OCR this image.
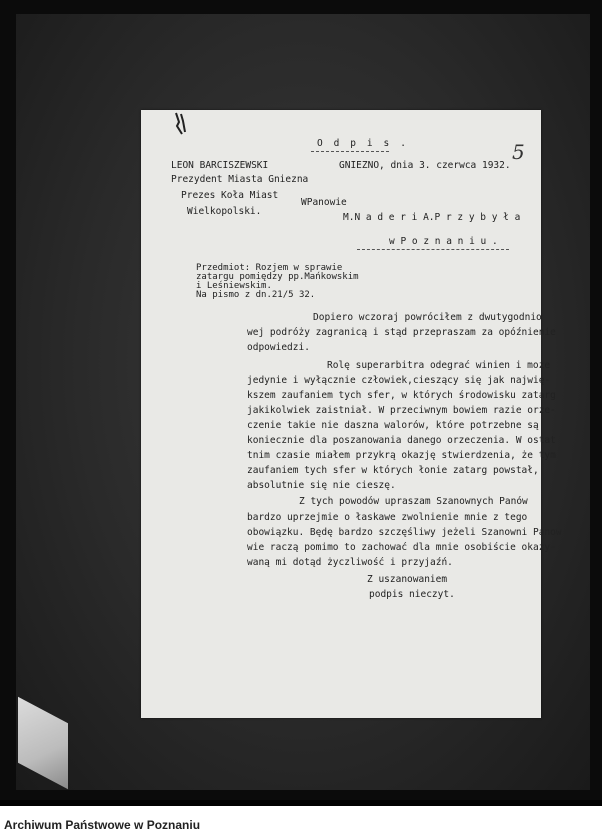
O d p i s .	5

LEON BARCISZEWSKI	GNIEZNO, dnia 3. czerwca 1932.

Prezydent Miasta Gniezna

Prezes Koła Miast

WPanowie

Wielkopolski.

M.N a d e r i A.P r z y b y ł a

w P o z n a n i u .

Przedmiot: Rozjem w sprawie

zatargu pomiędzy pp.Mańkowskim

i Leśniewskim.

Na pismo z dn.21/5 32.

Dopiero wczoraj powróciłem z dwutygodnio

wej podróży zagranicą i stąd przepraszam za opóźnienie

odpowiedzi.

Rolę superarbitra odegrać winien i może

jedynie i wyłącznie człowiek,cieszący się jak najwię-

kszem zaufaniem tych sfer, w których środowisku zatarg

jakikolwiek zaistniał. W przeciwnym bowiem razie orze-

czenie takie nie daszna walorów, które potrzebne są

koniecznie dla poszanowania danego orzeczenia. W ostat

tnim czasie miałem przykrą okazję stwierdzenia, że tym

zaufaniem tych sfer w których łonie zatarg powstał,

absolutnie się nie cieszę.

Z tych powodów upraszam Szanownych Panów

bardzo uprzejmie o łaskawe zwolnienie mnie z tego

obowiązku. Będę bardzo szczęśliwy jeżeli Szanowni Panow

wie raczą pomimo to zachować dla mnie osobiście okazy-

waną mi dotąd życzliwość i przyjaźń.

Z uszanowaniem

podpis nieczyt.

Archiwum Państwowe w Poznaniu
